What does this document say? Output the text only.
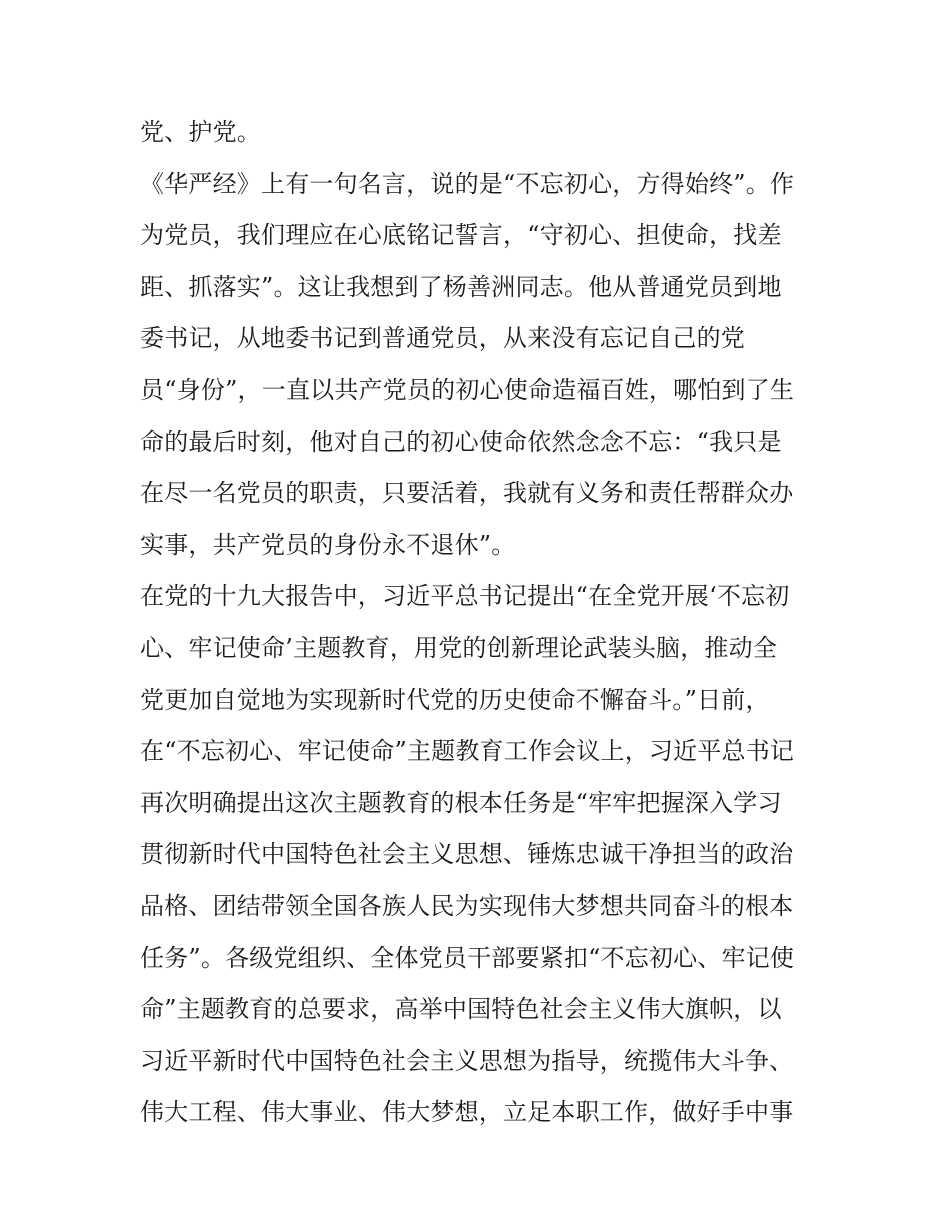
党、护党。
《华严经》上有一句名言，说的是“不忘初心，方得始终”。作
为党员，我们理应在心底铭记誓言，“守初心、担使命，找差
距、抓落实”。这让我想到了杨善洲同志。他从普通党员到地
委书记，从地委书记到普通党员，从来没有忘记自己的党
员“身份”，一直以共产党员的初心使命造福百姓，哪怕到了生
命的最后时刻，他对自己的初心使命依然念念不忘：“我只是
在尽一名党员的职责，只要活着，我就有义务和责任帮群众办
实事，共产党员的身份永不退休”。
在党的十九大报告中，习近平总书记提出“在全党开展‘不忘初
心、牢记使命’主题教育，用党的创新理论武装头脑，推动全
党更加自觉地为实现新时代党的历史使命不懈奋斗。”日前，
在“不忘初心、牢记使命”主题教育工作会议上，习近平总书记
再次明确提出这次主题教育的根本任务是“牢牢把握深入学习
贯彻新时代中国特色社会主义思想、锤炼忠诚干净担当的政治
品格、团结带领全国各族人民为实现伟大梦想共同奋斗的根本
任务”。各级党组织、全体党员干部要紧扣“不忘初心、牢记使
命”主题教育的总要求，高举中国特色社会主义伟大旗帜，以
习近平新时代中国特色社会主义思想为指导，统揽伟大斗争、
伟大工程、伟大事业、伟大梦想，立足本职工作，做好手中事
